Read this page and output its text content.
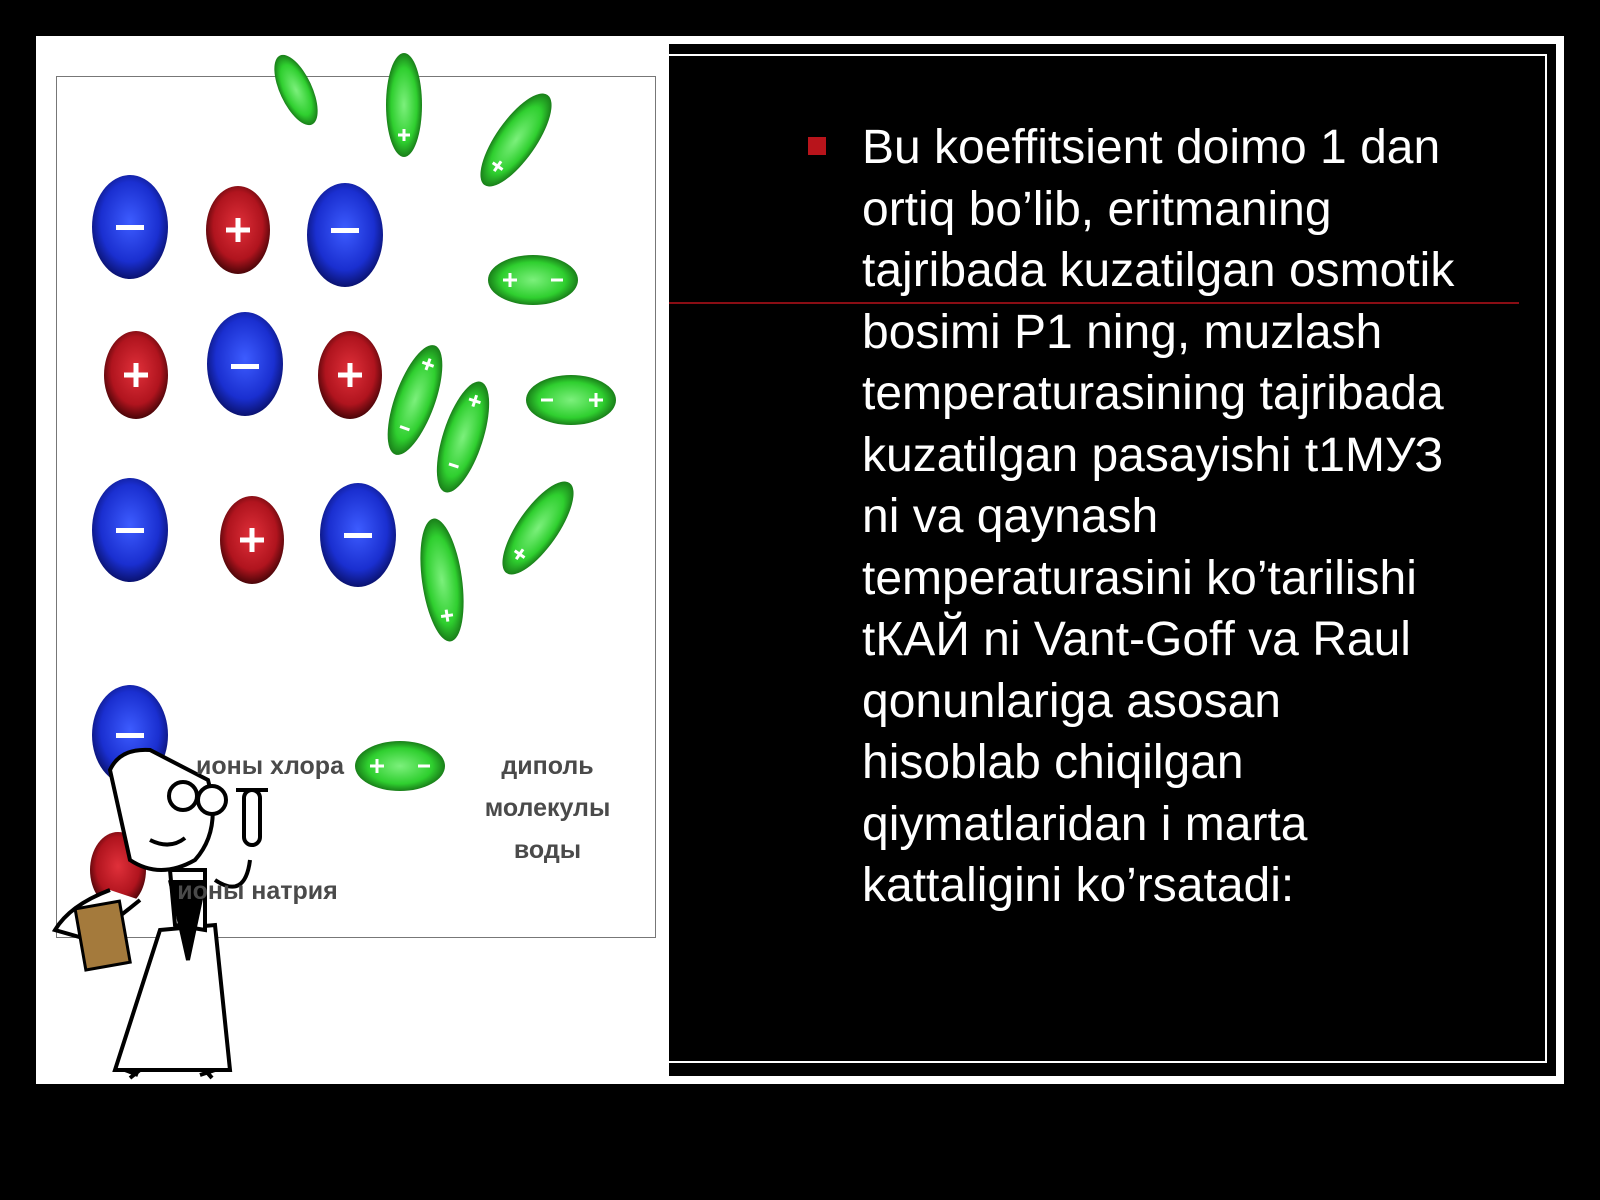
ионы хлора
ионы натрия
диполь
молекулы
воды
Bu koeffitsient doimo 1 dan
ortiq bo’lib, eritmaning
tajribada kuzatilgan osmotik
bosimi P1 ning, muzlash
temperaturasining tajribada
kuzatilgan pasayishi t1МУЗ
ni va qaynash
temperaturasini ko’tarilishi
tКАЙ ni Vant-Goff va Raul
qonunlariga asosan
hisoblab chiqilgan
qiymatlaridan i marta
kattaligini ko’rsatadi:
